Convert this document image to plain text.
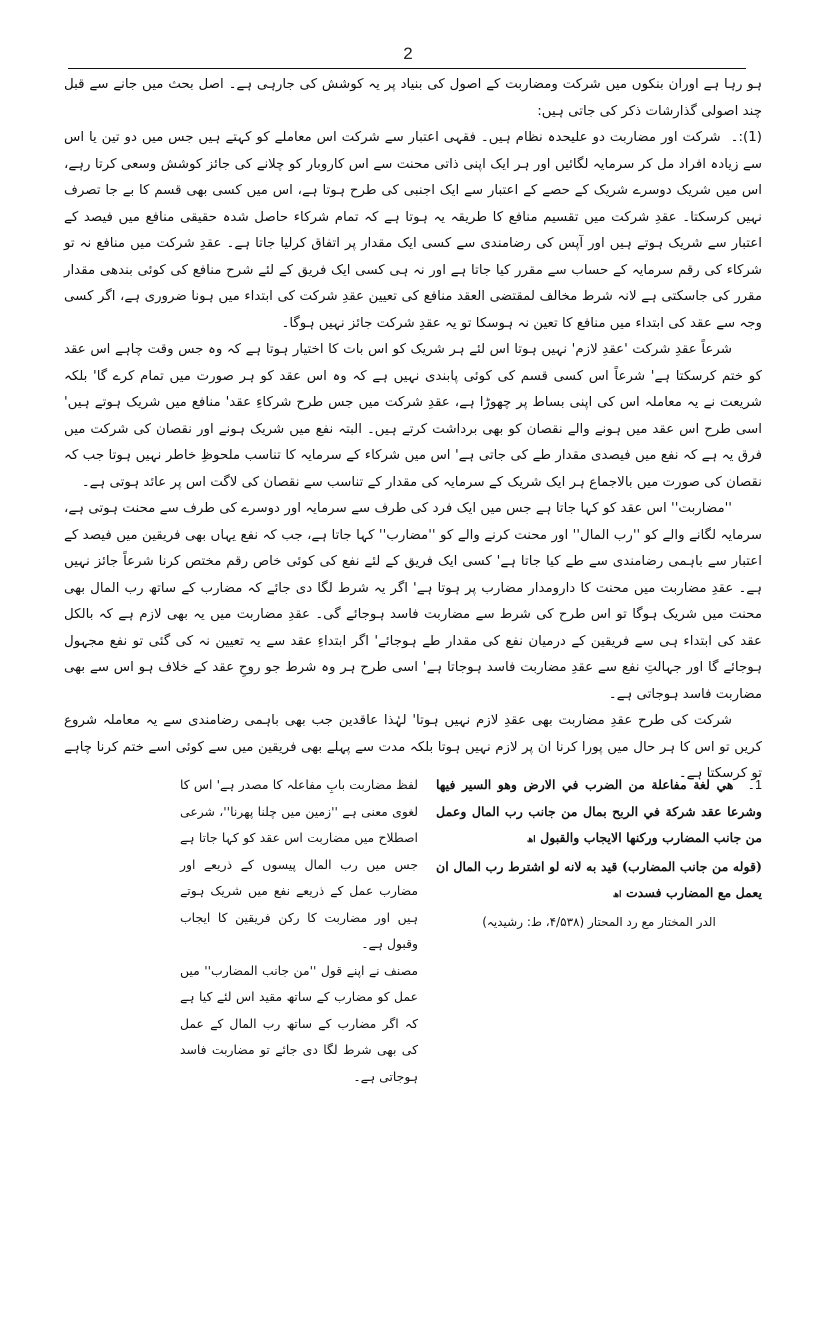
2

ہو رہا ہے اوران بنکوں میں شرکت ومضاربت کے اصول کی بنیاد پر یہ کوشش کی جارہی ہے۔ اصل بحث میں جانے سے قبل چند اصولی گذارشات ذکر کی جاتی ہیں:

(1):۔شرکت اور مضاربت دو علیحدہ نظام ہیں۔ فقہی اعتبار سے شرکت اس معاملے کو کہتے ہیں جس میں دو تین یا اس سے زیادہ افراد مل کر سرمایہ لگائیں اور ہر ایک اپنی ذاتی محنت سے اس کاروبار کو چلانے کی جائز کوشش وسعی کرتا رہے، اس میں شریک دوسرے شریک کے حصے کے اعتبار سے ایک اجنبی کی طرح ہوتا ہے، اس میں کسی بھی قسم کا بے جا تصرف نہیں کرسکتا۔ عقدِ شرکت میں تقسیم منافع کا طریقہ یہ ہوتا ہے کہ تمام شرکاء حاصل شدہ حقیقی منافع میں فیصد کے اعتبار سے شریک ہوتے ہیں اور آپس کی رضامندی سے کسی ایک مقدار پر اتفاق کرلیا جاتا ہے۔ عقدِ شرکت میں منافع نہ تو شرکاء کی رقم سرمایہ کے حساب سے مقرر کیا جاتا ہے اور نہ ہی کسی ایک فریق کے لئے شرح منافع کی کوئی بندھی مقدار مقرر کی جاسکتی ہے لانہ شرط مخالف لمقتضی العقد منافع کی تعیین عقدِ شرکت کی ابتداء میں ہونا ضروری ہے، اگر کسی وجہ سے عقد کی ابتداء میں منافع کا تعین نہ ہوسکا تو یہ عقدِ شرکت جائز نہیں ہوگا۔

شرعاً عقدِ شرکت 'عقدِ لازم' نہیں ہوتا اس لئے ہر شریک کو اس بات کا اختیار ہوتا ہے کہ وہ جس وقت چاہے اس عقد کو ختم کرسکتا ہے' شرعاً اس کسی قسم کی کوئی پابندی نہیں ہے کہ وہ اس عقد کو ہر صورت میں تمام کرے گا' بلکہ شریعت نے یہ معاملہ اس کی اپنی بساط پر چھوڑا ہے، عقدِ شرکت میں جس طرح شرکاءِ عقد' منافع میں شریک ہوتے ہیں' اسی طرح اس عقد میں ہونے والے نقصان کو بھی برداشت کرتے ہیں۔ البتہ نفع میں شریک ہونے اور نقصان کی شرکت میں فرق یہ ہے کہ نفع میں فیصدی مقدار طے کی جاتی ہے' اس میں شرکاء کے سرمایہ کا تناسب ملحوظِ خاطر نہیں ہوتا جب کہ نقصان کی صورت میں بالاجماع ہر ایک شریک کے سرمایہ کی مقدار کے تناسب سے نقصان کی لاگت اس پر عائد ہوتی ہے۔

''مضاربت'' اس عقد کو کہا جاتا ہے جس میں ایک فرد کی طرف سے سرمایہ اور دوسرے کی طرف سے محنت ہوتی ہے، سرمایہ لگانے والے کو ''رب المال'' اور محنت کرنے والے کو ''مضارب'' کہا جاتا ہے، جب کہ نفع یہاں بھی فریقین میں فیصد کے اعتبار سے باہمی رضامندی سے طے کیا جاتا ہے' کسی ایک فریق کے لئے نفع کی کوئی خاص رقم مختص کرنا شرعاً جائز نہیں ہے۔ عقدِ مضاربت میں محنت کا دارومدار مضارب پر ہوتا ہے' اگر یہ شرط لگا دی جائے کہ مضارب کے ساتھ رب المال بھی محنت میں شریک ہوگا تو اس طرح کی شرط سے مضاربت فاسد ہوجائے گی۔ عقدِ مضاربت میں یہ بھی لازم ہے کہ بالکل عقد کی ابتداء ہی سے فریقین کے درمیان نفع کی مقدار طے ہوجائے' اگر ابتداءِ عقد سے یہ تعیین نہ کی گئی تو نفع مجہول ہوجائے گا اور جہالتِ نفع سے عقدِ مضاربت فاسد ہوجاتا ہے' اسی طرح ہر وہ شرط جو روحِ عقد کے خلاف ہو اس سے بھی مضاربت فاسد ہوجاتی ہے۔

شرکت کی طرح عقدِ مضاربت بھی عقدِ لازم نہیں ہوتا' لہٰذا عاقدین جب بھی باہمی رضامندی سے یہ معاملہ شروع کریں تو اس کا ہر حال میں پورا کرنا ان پر لازم نہیں ہوتا بلکہ مدت سے پہلے بھی فریقین میں سے کوئی اسے ختم کرنا چاہے تو کرسکتا ہے۔

1۔هي لغة مفاعلة من الضرب في الارض وهو السير فيها وشرعا عقد شركة في الربح بمال من جانب رب المال وعمل من جانب المضارب وركنها الايجاب والقبول اھ

(قوله من جانب المضارب) قيد به لانه لو اشترط رب المال ان يعمل مع المضارب فسدت اھ

الدر المختار مع رد المحتار (۴/۵۳۸، ط: رشیدیہ)

لفظ مضاربت بابِ مفاعلہ کا مصدر ہے' اس کا لغوی معنی ہے ''زمین میں چلنا پھرنا''، شرعی اصطلاح میں مضاربت اس عقد کو کہا جاتا ہے جس میں رب المال پیسوں کے ذریعے اور مضارب عمل کے ذریعے نفع میں شریک ہوتے ہیں اور مضاربت کا رکن فریقین کا ایجاب وقبول ہے۔

مصنف نے اپنے قول ''من جانب المضارب'' میں عمل کو مضارب کے ساتھ مقید اس لئے کیا ہے کہ اگر مضارب کے ساتھ رب المال کے عمل کی بھی شرط لگا دی جائے تو مضاربت فاسد ہوجاتی ہے۔
